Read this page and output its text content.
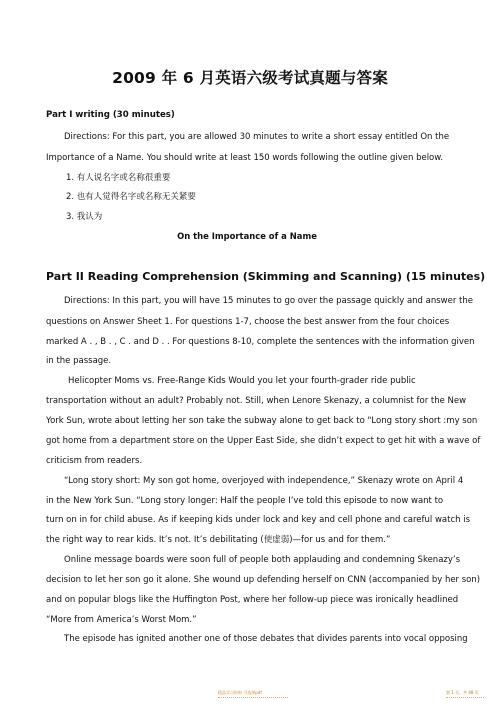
2009 年 6 月英语六级考试真题与答案
Part I writing (30 minutes)
Directions: For this part, you are allowed 30 minutes to write a short essay entitled On the
Importance of a Name. You should write at least 150 words following the outline given below.
1. 有人说名字或名称很重要
2. 也有人觉得名字或名称无关紧要
3. 我认为
On the Importance of a Name
Part II Reading Comprehension (Skimming and Scanning) (15 minutes)
Directions: In this part, you will have 15 minutes to go over the passage quickly and answer the
questions on Answer Sheet 1. For questions 1-7, choose the best answer from the four choices
marked A . , B . , C . and D . . For questions 8-10, complete the sentences with the information given
in the passage.
Helicopter Moms vs. Free-Range Kids Would you let your fourth-grader ride public
transportation without an adult? Probably not. Still, when Lenore Skenazy, a columnist for the New
York Sun, wrote about letting her son take the subway alone to get back to "Long story short :my son
got home from a department store on the Upper East Side, she didn’t expect to get hit with a wave of
criticism from readers.
“Long story short: My son got home, overjoyed with independence,” Skenazy wrote on April 4
in the New York Sun. “Long story longer: Half the people I’ve told this episode to now want to
turn on in for child abuse. As if keeping kids under lock and key and cell phone and careful watch is
the right way to rear kids. It’s not. It’s debilitating (使虚弱)—for us and for them.”
Online message boards were soon full of people both applauding and condemning Skenazy’s
decision to let her son go it alone. She wound up defending herself on CNN (accompanied by her son)
and on popular blogs like the Huffington Post, where her follow-up piece was ironically headlined
“More from America’s Worst Mom.”
The episode has ignited another one of those debates that divides parents into vocal opposing
精品学习资料 可选择pdf	第 1 页，共 48 页
